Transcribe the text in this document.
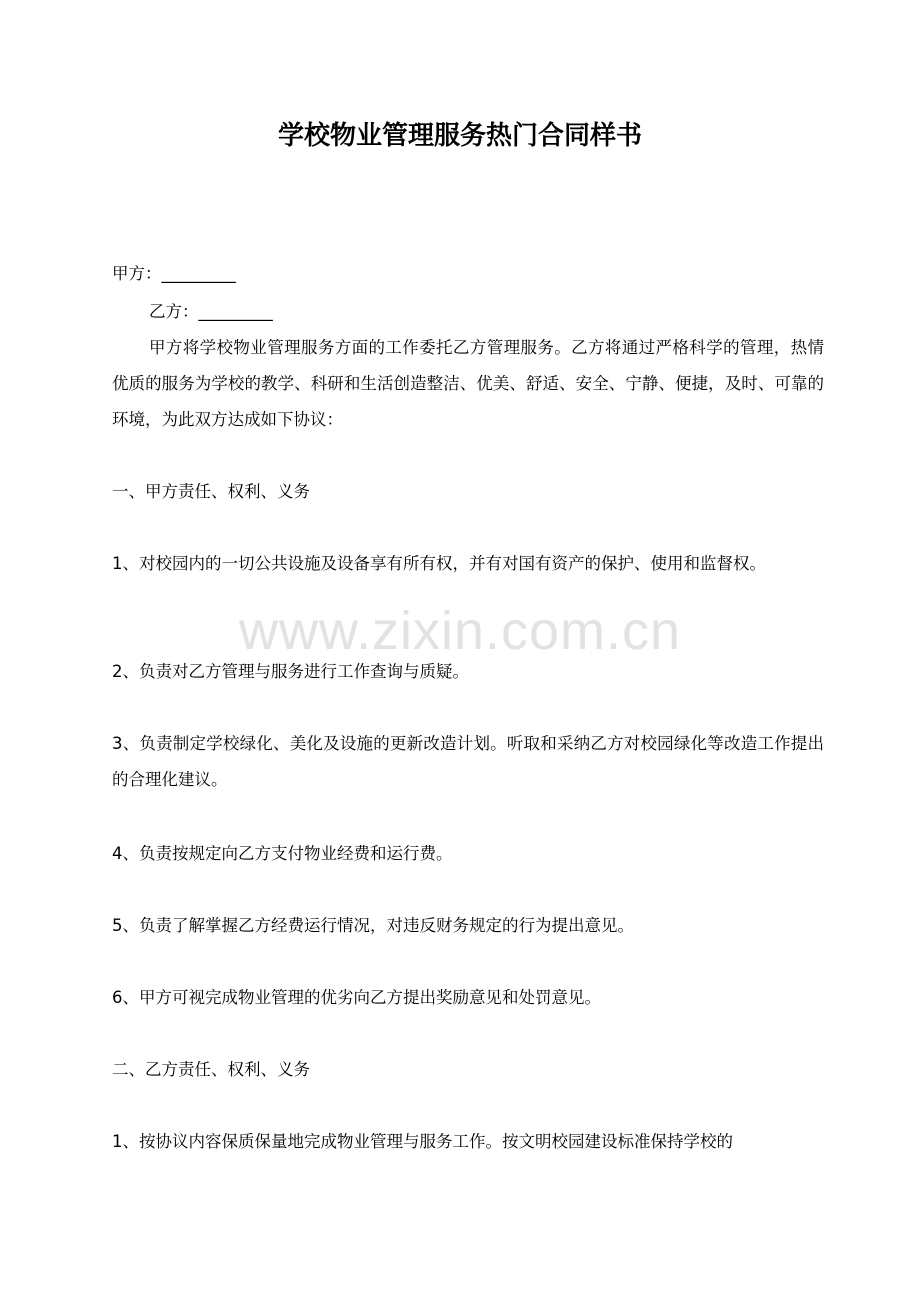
学校物业管理服务热门合同样书
甲方：_________
乙方：_________
甲方将学校物业管理服务方面的工作委托乙方管理服务。乙方将通过严格科学的管理，热情优质的服务为学校的教学、科研和生活创造整洁、优美、舒适、安全、宁静、便捷，及时、可靠的环境，为此双方达成如下协议：
一、甲方责任、权利、义务
1、对校园内的一切公共设施及设备享有所有权，并有对国有资产的保护、使用和监督权。
2、负责对乙方管理与服务进行工作查询与质疑。
3、负责制定学校绿化、美化及设施的更新改造计划。听取和采纳乙方对校园绿化等改造工作提出的合理化建议。
4、负责按规定向乙方支付物业经费和运行费。
5、负责了解掌握乙方经费运行情况，对违反财务规定的行为提出意见。
6、甲方可视完成物业管理的优劣向乙方提出奖励意见和处罚意见。
二、乙方责任、权利、义务
1、按协议内容保质保量地完成物业管理与服务工作。按文明校园建设标准保持学校的
www.zixin.com.cn
